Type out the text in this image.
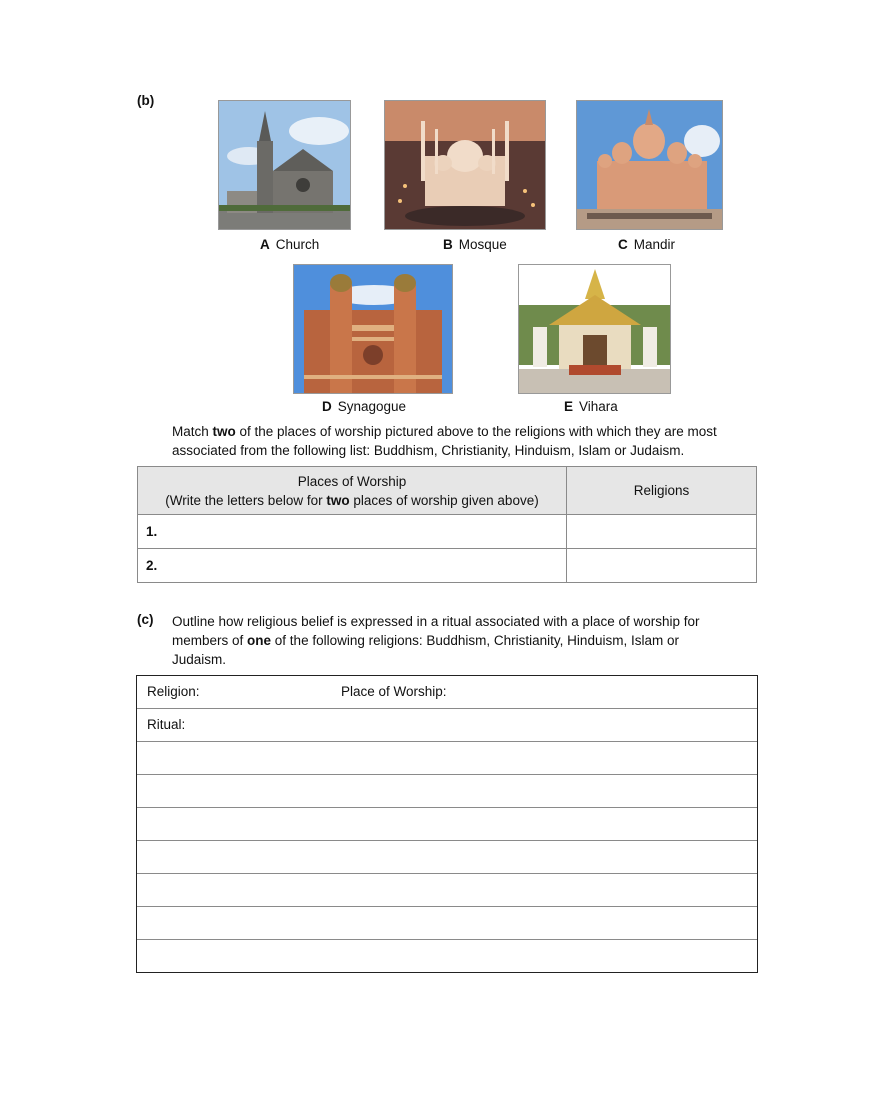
(b)
A Church	B Mosque	C Mandir
D Synagogue	E Vihara
Match two of the places of worship pictured above to the religions with which they are most associated from the following list: Buddhism, Christianity, Hinduism, Islam or Judaism.
Places of Worship
(Write the letters below for two places of worship given above)	Religions
1.	
2.	
(c) Outline how religious belief is expressed in a ritual associated with a place of worship for members of one of the following religions: Buddhism, Christianity, Hinduism, Islam or Judaism.
Religion:	Place of Worship:
Ritual:
